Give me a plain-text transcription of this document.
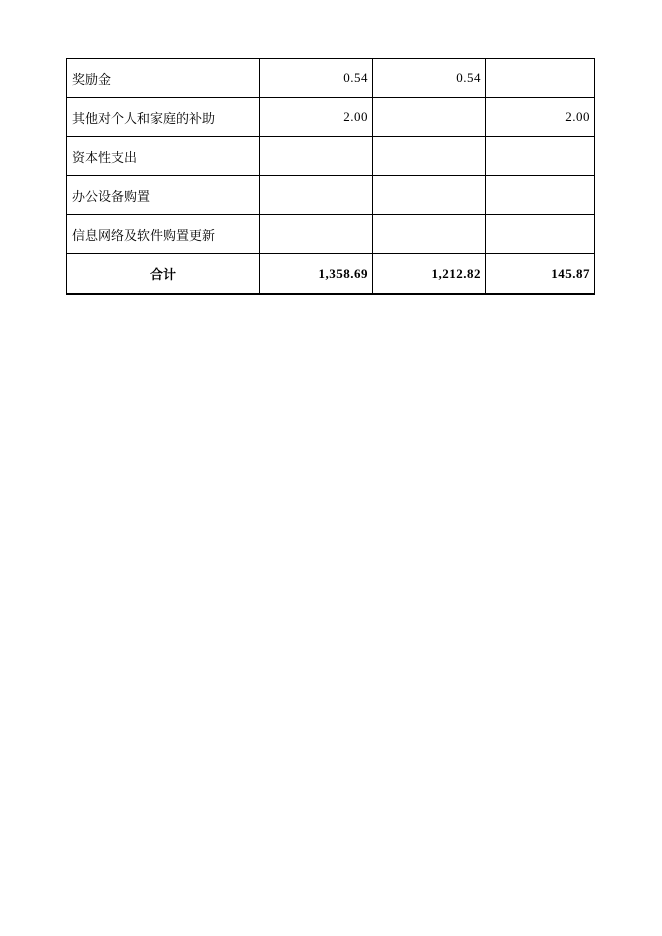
奖励金	0.54	0.54	
其他对个人和家庭的补助	2.00		2.00
资本性支出			
办公设备购置			
信息网络及软件购置更新			
合计	1,358.69	1,212.82	145.87
